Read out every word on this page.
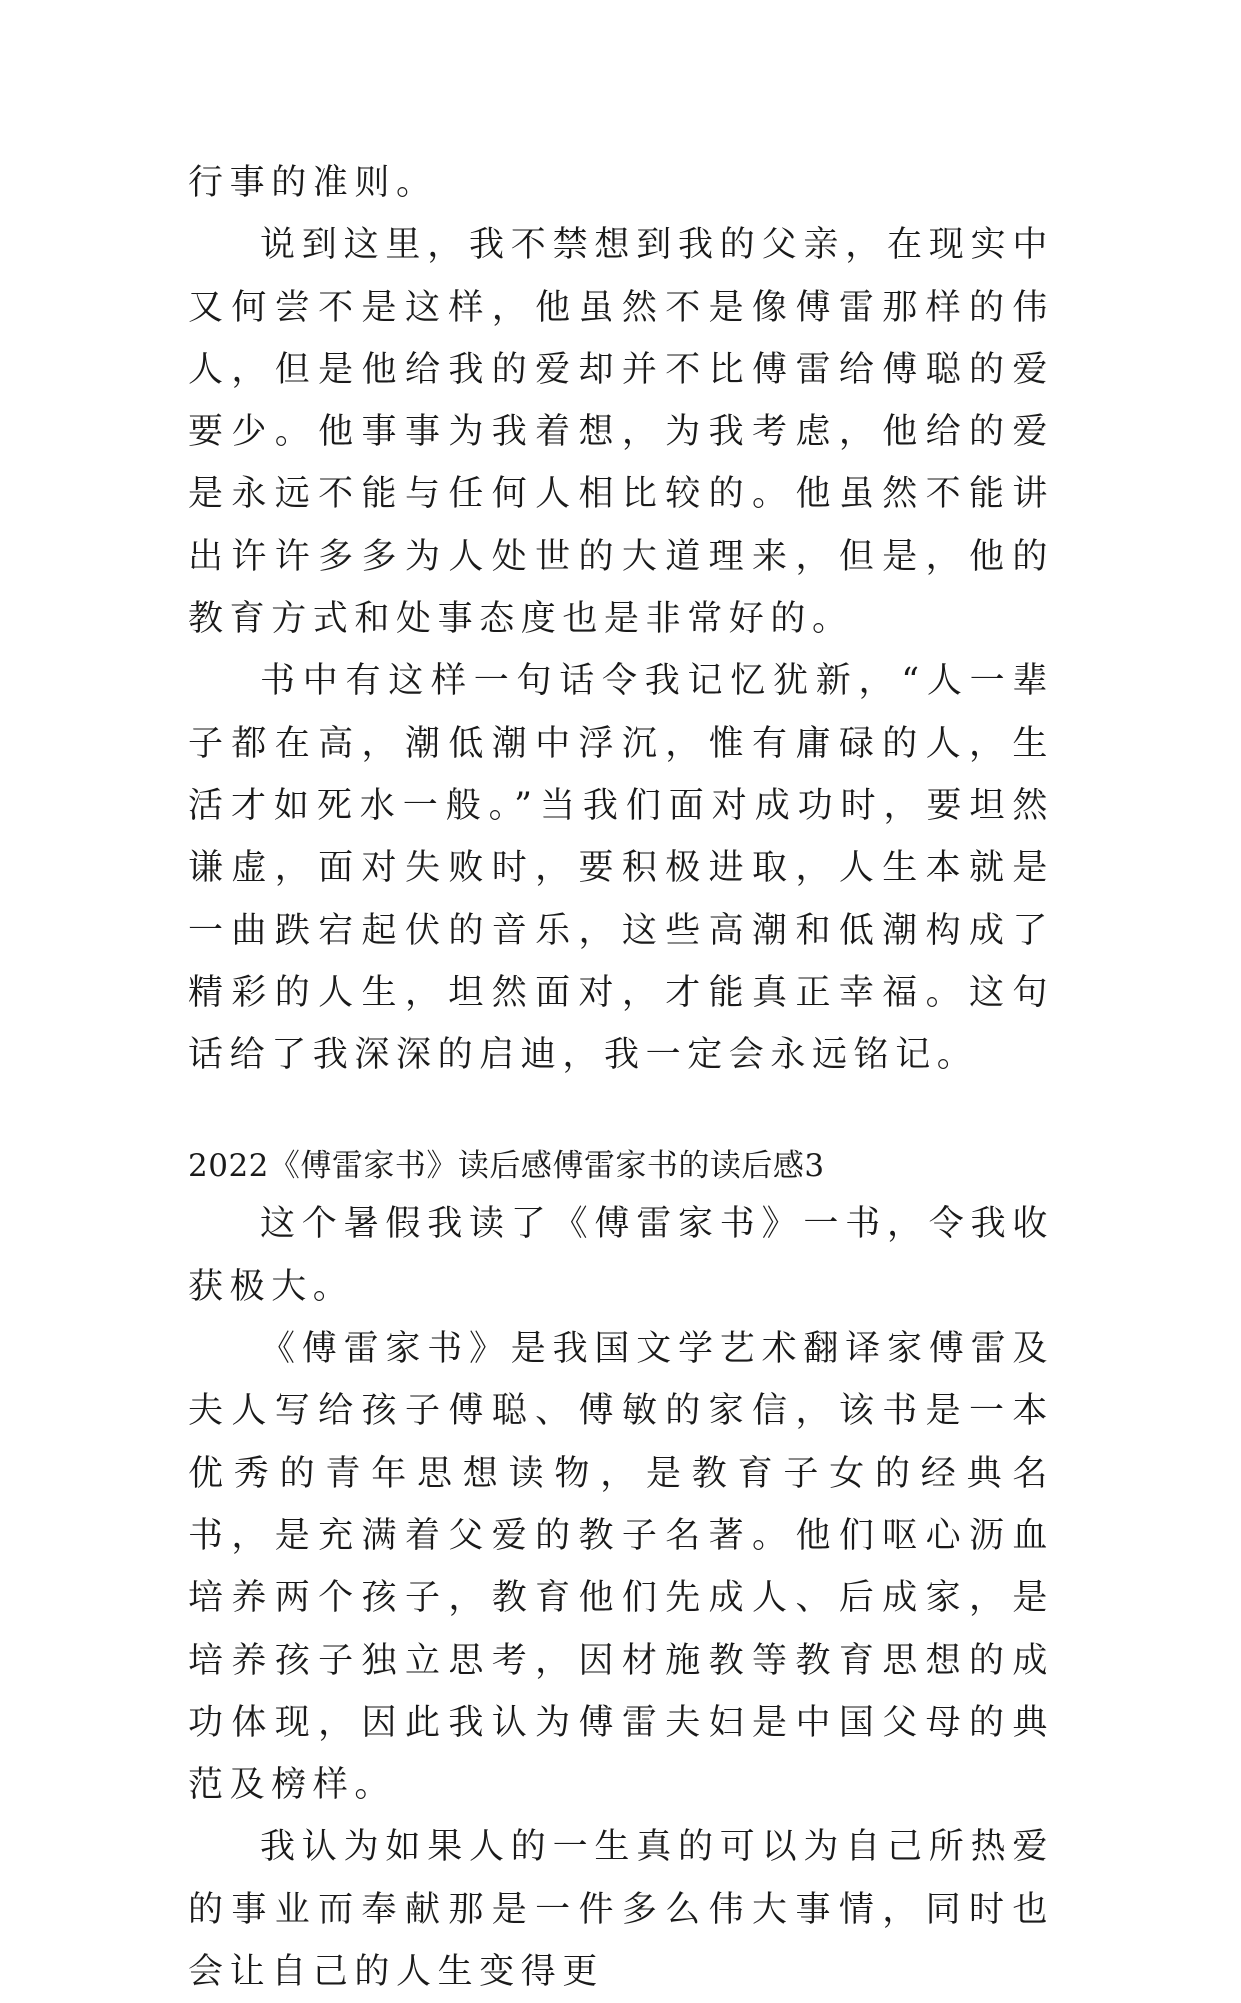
行事的准则。

说到这里，我不禁想到我的父亲，在现实中又何尝不是这样，他虽然不是像傅雷那样的伟人，但是他给我的爱却并不比傅雷给傅聪的爱要少。他事事为我着想，为我考虑，他给的爱是永远不能与任何人相比较的。他虽然不能讲出许许多多为人处世的大道理来，但是，他的教育方式和处事态度也是非常好的。

书中有这样一句话令我记忆犹新，“人一辈子都在高，潮低潮中浮沉，惟有庸碌的人，生活才如死水一般。”当我们面对成功时，要坦然谦虚，面对失败时，要积极进取，人生本就是一曲跌宕起伏的音乐，这些高潮和低潮构成了精彩的人生，坦然面对，才能真正幸福。这句话给了我深深的启迪，我一定会永远铭记。

2022《傅雷家书》读后感傅雷家书的读后感3

这个暑假我读了《傅雷家书》一书，令我收获极大。

《傅雷家书》是我国文学艺术翻译家傅雷及夫人写给孩子傅聪、傅敏的家信，该书是一本优秀的青年思想读物，是教育子女的经典名书，是充满着父爱的教子名著。他们呕心沥血培养两个孩子，教育他们先成人、后成家，是培养孩子独立思考，因材施教等教育思想的成功体现，因此我认为傅雷夫妇是中国父母的典范及榜样。

我认为如果人的一生真的可以为自己所热爱的事业而奉献那是一件多么伟大事情，同时也会让自己的人生变得更
